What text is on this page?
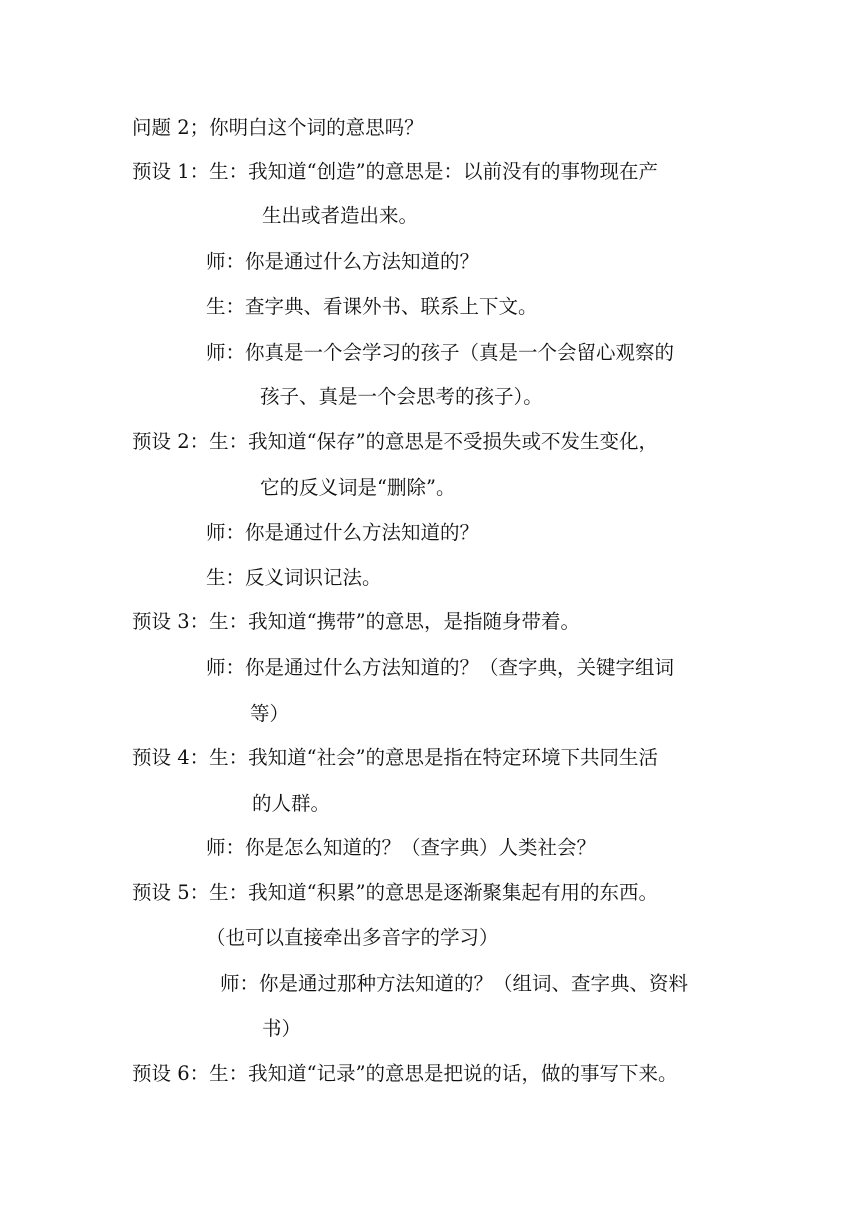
问题 2；你明白这个词的意思吗？
预设 1：生：我知道“创造”的意思是：以前没有的事物现在产
生出或者造出来。
师：你是通过什么方法知道的？
生：查字典、看课外书、联系上下文。
师：你真是一个会学习的孩子（真是一个会留心观察的
孩子、真是一个会思考的孩子）。
预设 2：生：我知道“保存”的意思是不受损失或不发生变化，
它的反义词是“删除”。
师：你是通过什么方法知道的？
生：反义词识记法。
预设 3：生：我知道“携带”的意思，是指随身带着。
师：你是通过什么方法知道的？（查字典，关键字组词
等）
预设 4：生：我知道“社会”的意思是指在特定环境下共同生活
的人群。
师：你是怎么知道的？（查字典）人类社会？
预设 5：生：我知道“积累”的意思是逐渐聚集起有用的东西。
（也可以直接牵出多音字的学习）
师：你是通过那种方法知道的？（组词、查字典、资料
书）
预设 6：生：我知道“记录”的意思是把说的话，做的事写下来。
